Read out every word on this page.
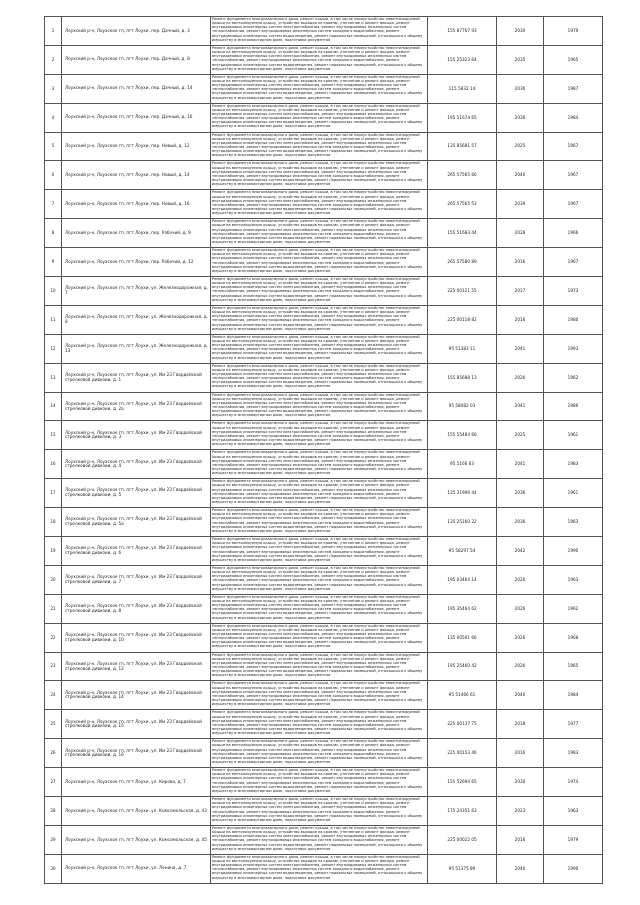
1	Лоухский р-н, Лоухское гп, пгт Лоухи, пер. Дачный, д. 3	Ремонт фундамента многоквартирного дома, ремонт крыши, в том числе переустройство невентилируемой крыши на вентилируемую крышу, устройство выходов на кровлю, утепление и ремонт фасада, ремонт внутридомовых инженерных систем электроснабжения, ремонт внутридомовых инженерных систем теплоснабжения, ремонт внутридомовых инженерных систем холодного водоснабжения, ремонт внутридомовых инженерных систем водоотведения, ремонт подвальных помещений, относящихся к общему имуществу в многоквартирном доме, подготовка документов	155 87767 93	2030	1979
2	Лоухский р-н, Лоухское гп, пгт Лоухи, пер. Дачный, д. 8	Ремонт фундамента многоквартирного дома, ремонт крыши, в том числе переустройство невентилируемой крыши на вентилируемую крышу, устройство выходов на кровлю, утепление и ремонт фасада, ремонт внутридомовых инженерных систем электроснабжения, ремонт внутридомовых инженерных систем теплоснабжения, ремонт внутридомовых инженерных систем холодного водоснабжения, ремонт внутридомовых инженерных систем водоотведения, ремонт подвальных помещений, относящихся к общему имуществу в многоквартирном доме, подготовка документов	155 25323 64	2035	1965
3	Лоухский р-н, Лоухское гп, пгт Лоухи, пер. Дачный, д. 14	Ремонт фундамента многоквартирного дома, ремонт крыши, в том числе переустройство невентилируемой крыши на вентилируемую крышу, устройство выходов на кровлю, утепление и ремонт фасада, ремонт внутридомовых инженерных систем электроснабжения, ремонт внутридомовых инженерных систем теплоснабжения, ремонт внутридомовых инженерных систем холодного водоснабжения, ремонт внутридомовых инженерных систем водоотведения, ремонт подвальных помещений, относящихся к общему имуществу в многоквартирном доме, подготовка документов	115 5832 14	2036	1987
4	Лоухский р-н, Лоухское гп, пгт Лоухи, пер. Дачный, д. 16	Ремонт фундамента многоквартирного дома, ремонт крыши, в том числе переустройство невентилируемой крыши на вентилируемую крышу, устройство выходов на кровлю, утепление и ремонт фасада, ремонт внутридомовых инженерных систем электроснабжения, ремонт внутридомовых инженерных систем теплоснабжения, ремонт внутридомовых инженерных систем холодного водоснабжения, ремонт внутридомовых инженерных систем водоотведения, ремонт подвальных помещений, относящихся к общему имуществу в многоквартирном доме, подготовка документов	195 51674 65	2036	1984
5	Лоухский р-н, Лоухское гп, пгт Лоухи, пер. Новый, д. 12	Ремонт фундамента многоквартирного дома, ремонт крыши, в том числе переустройство невентилируемой крыши на вентилируемую крышу, устройство выходов на кровлю, утепление и ремонт фасада, ремонт внутридомовых инженерных систем электроснабжения, ремонт внутридомовых инженерных систем теплоснабжения, ремонт внутридомовых инженерных систем холодного водоснабжения, ремонт внутридомовых инженерных систем водоотведения, ремонт подвальных помещений, относящихся к общему имуществу в многоквартирном доме, подготовка документов	135 85681 57	2025	1967
6	Лоухский р-н, Лоухское гп, пгт Лоухи, пер. Новый, д. 14	Ремонт фундамента многоквартирного дома, ремонт крыши, в том числе переустройство невентилируемой крыши на вентилируемую крышу, устройство выходов на кровлю, утепление и ремонт фасада, ремонт внутридомовых инженерных систем электроснабжения, ремонт внутридомовых инженерных систем теплоснабжения, ремонт внутридомовых инженерных систем холодного водоснабжения, ремонт внутридомовых инженерных систем водоотведения, ремонт подвальных помещений, относящихся к общему имуществу в многоквартирном доме, подготовка документов	265 57565 66	2040	1967
7	Лоухский р-н, Лоухское гп, пгт Лоухи, пер. Новый, д. 16	Ремонт фундамента многоквартирного дома, ремонт крыши, в том числе переустройство невентилируемой крыши на вентилируемую крышу, устройство выходов на кровлю, утепление и ремонт фасада, ремонт внутридомовых инженерных систем электроснабжения, ремонт внутридомовых инженерных систем теплоснабжения, ремонт внутридомовых инженерных систем холодного водоснабжения, ремонт внутридомовых инженерных систем водоотведения, ремонт подвальных помещений, относящихся к общему имуществу в многоквартирном доме, подготовка документов	265 57565 53	2039	1967
8	Лоухский р-н, Лоухское гп, пгт Лоухи, пер. Рабочий, д. 9	Ремонт фундамента многоквартирного дома, ремонт крыши, в том числе переустройство невентилируемой крыши на вентилируемую крышу, устройство выходов на кровлю, утепление и ремонт фасада, ремонт внутридомовых инженерных систем электроснабжения, ремонт внутридомовых инженерных систем теплоснабжения, ремонт внутридомовых инженерных систем холодного водоснабжения, ремонт внутридомовых инженерных систем водоотведения, ремонт подвальных помещений, относящихся к общему имуществу в многоквартирном доме, подготовка документов	155 51683 44	2028	1966
9	Лоухский р-н, Лоухское гп, пгт Лоухи, пер. Рабочий, д. 12	Ремонт фундамента многоквартирного дома, ремонт крыши, в том числе переустройство невентилируемой крыши на вентилируемую крышу, устройство выходов на кровлю, утепление и ремонт фасада, ремонт внутридомовых инженерных систем электроснабжения, ремонт внутридомовых инженерных систем теплоснабжения, ремонт внутридомовых инженерных систем холодного водоснабжения, ремонт внутридомовых инженерных систем водоотведения, ремонт подвальных помещений, относящихся к общему имуществу в многоквартирном доме, подготовка документов	265 57580 89	2016	1967
10	Лоухский р-н, Лоухское гп, пгт Лоухи, ул. Железнодорожная, д. 7	Ремонт фундамента многоквартирного дома, ремонт крыши, в том числе переустройство невентилируемой крыши на вентилируемую крышу, устройство выходов на кровлю, утепление и ремонт фасада, ремонт внутридомовых инженерных систем электроснабжения, ремонт внутридомовых инженерных систем теплоснабжения, ремонт внутридомовых инженерных систем холодного водоснабжения, ремонт внутридомовых инженерных систем водоотведения, ремонт подвальных помещений, относящихся к общему имуществу в многоквартирном доме, подготовка документов	225 00121 55	2017	1973
11	Лоухский р-н, Лоухское гп, пгт Лоухи, ул. Железнодорожная, д. 8	Ремонт фундамента многоквартирного дома, ремонт крыши, в том числе переустройство невентилируемой крыши на вентилируемую крышу, устройство выходов на кровлю, утепление и ремонт фасада, ремонт внутридомовых инженерных систем электроснабжения, ремонт внутридомовых инженерных систем теплоснабжения, ремонт внутридомовых инженерных систем холодного водоснабжения, ремонт внутридомовых инженерных систем водоотведения, ремонт подвальных помещений, относящихся к общему имуществу в многоквартирном доме, подготовка документов	225 00118 82	2016	1980
12	Лоухский р-н, Лоухское гп, пгт Лоухи, ул. Железнодорожная, д. 13	Ремонт фундамента многоквартирного дома, ремонт крыши, в том числе переустройство невентилируемой крыши на вентилируемую крышу, устройство выходов на кровлю, утепление и ремонт фасада, ремонт внутридомовых инженерных систем электроснабжения, ремонт внутридомовых инженерных систем теплоснабжения, ремонт внутридомовых инженерных систем холодного водоснабжения, ремонт внутридомовых инженерных систем водоотведения, ремонт подвальных помещений, относящихся к общему имуществу в многоквартирном доме, подготовка документов	95 51383 11	2041	1993
13	Лоухский р-н, Лоухское гп, пгт Лоухи, ул. Им 23 Гвардейской стрелковой дивизии, д. 1	Ремонт фундамента многоквартирного дома, ремонт крыши, в том числе переустройство невентилируемой крыши на вентилируемую крышу, устройство выходов на кровлю, утепление и ремонт фасада, ремонт внутридомовых инженерных систем электроснабжения, ремонт внутридомовых инженерных систем теплоснабжения, ремонт внутридомовых инженерных систем холодного водоснабжения, ремонт внутридомовых инженерных систем водоотведения, ремонт подвальных помещений, относящихся к общему имуществу в многоквартирном доме, подготовка документов	155 85688 13	2026	1962
14	Лоухский р-н, Лоухское гп, пгт Лоухи, ул. Им 23 Гвардейской стрелковой дивизии, д. 2а	Ремонт фундамента многоквартирного дома, ремонт крыши, в том числе переустройство невентилируемой крыши на вентилируемую крышу, устройство выходов на кровлю, утепление и ремонт фасада, ремонт внутридомовых инженерных систем электроснабжения, ремонт внутридомовых инженерных систем теплоснабжения, ремонт внутридомовых инженерных систем холодного водоснабжения, ремонт внутридомовых инженерных систем водоотведения, ремонт подвальных помещений, относящихся к общему имуществу в многоквартирном доме, подготовка документов	95 58482 03	2041	1986
15	Лоухский р-н, Лоухское гп, пгт Лоухи, ул. Им 23 Гвардейской стрелковой дивизии, д. 3	Ремонт фундамента многоквартирного дома, ремонт крыши, в том числе переустройство невентилируемой крыши на вентилируемую крышу, устройство выходов на кровлю, утепление и ремонт фасада, ремонт внутридомовых инженерных систем электроснабжения, ремонт внутридомовых инженерных систем теплоснабжения, ремонт внутридомовых инженерных систем холодного водоснабжения, ремонт внутридомовых инженерных систем водоотведения, ремонт подвальных помещений, относящихся к общему имуществу в многоквартирном доме, подготовка документов	155 55484 66	2025	1961
16	Лоухский р-н, Лоухское гп, пгт Лоухи, ул. Им 23 Гвардейской стрелковой дивизии, д. 4	Ремонт фундамента многоквартирного дома, ремонт крыши, в том числе переустройство невентилируемой крыши на вентилируемую крышу, устройство выходов на кровлю, утепление и ремонт фасада, ремонт внутридомовых инженерных систем электроснабжения, ремонт внутридомовых инженерных систем теплоснабжения, ремонт внутридомовых инженерных систем холодного водоснабжения, ремонт внутридомовых инженерных систем водоотведения, ремонт подвальных помещений, относящихся к общему имуществу в многоквартирном доме, подготовка документов	95 5166 63	2041	1983
17	Лоухский р-н, Лоухское гп, пгт Лоухи, ул. Им 23 Гвардейской стрелковой дивизии, д. 5	Ремонт фундамента многоквартирного дома, ремонт крыши, в том числе переустройство невентилируемой крыши на вентилируемую крышу, устройство выходов на кровлю, утепление и ремонт фасада, ремонт внутридомовых инженерных систем электроснабжения, ремонт внутридомовых инженерных систем теплоснабжения, ремонт внутридомовых инженерных систем холодного водоснабжения, ремонт внутридомовых инженерных систем водоотведения, ремонт подвальных помещений, относящихся к общему имуществу в многоквартирном доме, подготовка документов	135 31996 44	2036	1961
18	Лоухский р-н, Лоухское гп, пгт Лоухи, ул. Им 23 Гвардейской стрелковой дивизии, д. 5а	Ремонт фундамента многоквартирного дома, ремонт крыши, в том числе переустройство невентилируемой крыши на вентилируемую крышу, устройство выходов на кровлю, утепление и ремонт фасада, ремонт внутридомовых инженерных систем электроснабжения, ремонт внутридомовых инженерных систем теплоснабжения, ремонт внутридомовых инженерных систем холодного водоснабжения, ремонт внутридомовых инженерных систем водоотведения, ремонт подвальных помещений, относящихся к общему имуществу в многоквартирном доме, подготовка документов	135 25160 22	2036	1963
19	Лоухский р-н, Лоухское гп, пгт Лоухи, ул. Им 23 Гвардейской стрелковой дивизии, д. 6	Ремонт фундамента многоквартирного дома, ремонт крыши, в том числе переустройство невентилируемой крыши на вентилируемую крышу, устройство выходов на кровлю, утепление и ремонт фасада, ремонт внутридомовых инженерных систем электроснабжения, ремонт внутридомовых инженерных систем теплоснабжения, ремонт внутридомовых инженерных систем холодного водоснабжения, ремонт внутридомовых инженерных систем водоотведения, ремонт подвальных помещений, относящихся к общему имуществу в многоквартирном доме, подготовка документов	95 58297 54	2042	1990
20	Лоухский р-н, Лоухское гп, пгт Лоухи, ул. Им 23 Гвардейской стрелковой дивизии, д. 7	Ремонт фундамента многоквартирного дома, ремонт крыши, в том числе переустройство невентилируемой крыши на вентилируемую крышу, устройство выходов на кровлю, утепление и ремонт фасада, ремонт внутридомовых инженерных систем электроснабжения, ремонт внутридомовых инженерных систем теплоснабжения, ремонт внутридомовых инженерных систем холодного водоснабжения, ремонт внутридомовых инженерных систем водоотведения, ремонт подвальных помещений, относящихся к общему имуществу в многоквартирном доме, подготовка документов	195 03464 14	2026	1963
21	Лоухский р-н, Лоухское гп, пгт Лоухи, ул. Им 23 Гвардейской стрелковой дивизии, д. 8	Ремонт фундамента многоквартирного дома, ремонт крыши, в том числе переустройство невентилируемой крыши на вентилируемую крышу, устройство выходов на кровлю, утепление и ремонт фасада, ремонт внутридомовых инженерных систем электроснабжения, ремонт внутридомовых инженерных систем теплоснабжения, ремонт внутридомовых инженерных систем холодного водоснабжения, ремонт внутридомовых инженерных систем водоотведения, ремонт подвальных помещений, относящихся к общему имуществу в многоквартирном доме, подготовка документов	195 35464 62	2026	1962
22	Лоухский р-н, Лоухское гп, пгт Лоухи, ул. Им 23 Гвардейской стрелковой дивизии, д. 10	Ремонт фундамента многоквартирного дома, ремонт крыши, в том числе переустройство невентилируемой крыши на вентилируемую крышу, устройство выходов на кровлю, утепление и ремонт фасада, ремонт внутридомовых инженерных систем электроснабжения, ремонт внутридомовых инженерных систем теплоснабжения, ремонт внутридомовых инженерных систем холодного водоснабжения, ремонт внутридомовых инженерных систем водоотведения, ремонт подвальных помещений, относящихся к общему имуществу в многоквартирном доме, подготовка документов	135 00501 66	2026	1968
23	Лоухский р-н, Лоухское гп, пгт Лоухи, ул. Им 23 Гвардейской стрелковой дивизии, д. 12	Ремонт фундамента многоквартирного дома, ремонт крыши, в том числе переустройство невентилируемой крыши на вентилируемую крышу, устройство выходов на кровлю, утепление и ремонт фасада, ремонт внутридомовых инженерных систем электроснабжения, ремонт внутридомовых инженерных систем теплоснабжения, ремонт внутридомовых инженерных систем холодного водоснабжения, ремонт внутридомовых инженерных систем водоотведения, ремонт подвальных помещений, относящихся к общему имуществу в многоквартирном доме, подготовка документов	195 25460 42	2026	1965
24	Лоухский р-н, Лоухское гп, пгт Лоухи, ул. Им 23 Гвардейской стрелковой дивизии, д. 14	Ремонт фундамента многоквартирного дома, ремонт крыши, в том числе переустройство невентилируемой крыши на вентилируемую крышу, устройство выходов на кровлю, утепление и ремонт фасада, ремонт внутридомовых инженерных систем электроснабжения, ремонт внутридомовых инженерных систем теплоснабжения, ремонт внутридомовых инженерных систем холодного водоснабжения, ремонт внутридомовых инженерных систем водоотведения, ремонт подвальных помещений, относящихся к общему имуществу в многоквартирном доме, подготовка документов	95 51466 61	2040	1984
25	Лоухский р-н, Лоухское гп, пгт Лоухи, ул. Им 23 Гвардейской стрелковой дивизии, д. 15	Ремонт фундамента многоквартирного дома, ремонт крыши, в том числе переустройство невентилируемой крыши на вентилируемую крышу, устройство выходов на кровлю, утепление и ремонт фасада, ремонт внутридомовых инженерных систем электроснабжения, ремонт внутридомовых инженерных систем теплоснабжения, ремонт внутридомовых инженерных систем холодного водоснабжения, ремонт внутридомовых инженерных систем водоотведения, ремонт подвальных помещений, относящихся к общему имуществу в многоквартирном доме, подготовка документов	225 00137 75	2018	1977
26	Лоухский р-н, Лоухское гп, пгт Лоухи, ул. Им 23 Гвардейской стрелковой дивизии, д. 16	Ремонт фундамента многоквартирного дома, ремонт крыши, в том числе переустройство невентилируемой крыши на вентилируемую крышу, устройство выходов на кровлю, утепление и ремонт фасада, ремонт внутридомовых инженерных систем электроснабжения, ремонт внутридомовых инженерных систем теплоснабжения, ремонт внутридомовых инженерных систем холодного водоснабжения, ремонт внутридомовых инженерных систем водоотведения, ремонт подвальных помещений, относящихся к общему имуществу в многоквартирном доме, подготовка документов	225 00153 46	2016	1983
27	Лоухский р-н, Лоухское гп, пгт Лоухи, ул. Кирова, д. 7	Ремонт фундамента многоквартирного дома, ремонт крыши, в том числе переустройство невентилируемой крыши на вентилируемую крышу, устройство выходов на кровлю, утепление и ремонт фасада, ремонт внутридомовых инженерных систем электроснабжения, ремонт внутридомовых инженерных систем теплоснабжения, ремонт внутридомовых инженерных систем холодного водоснабжения, ремонт внутридомовых инженерных систем водоотведения, ремонт подвальных помещений, относящихся к общему имуществу в многоквартирном доме, подготовка документов	155 52694 65	2030	1974
28	Лоухский р-н, Лоухское гп, пгт Лоухи, ул. Комсомольская, д. 43	Ремонт фундамента многоквартирного дома, ремонт крыши, в том числе переустройство невентилируемой крыши на вентилируемую крышу, устройство выходов на кровлю, утепление и ремонт фасада, ремонт внутридомовых инженерных систем электроснабжения, ремонт внутридомовых инженерных систем теплоснабжения, ремонт внутридомовых инженерных систем холодного водоснабжения, ремонт внутридомовых инженерных систем водоотведения, ремонт подвальных помещений, относящихся к общему имуществу в многоквартирном доме, подготовка документов	175 24351 63	2023	1963
29	Лоухский р-н, Лоухское гп, пгт Лоухи, ул. Комсомольская, д. 45	Ремонт фундамента многоквартирного дома, ремонт крыши, в том числе переустройство невентилируемой крыши на вентилируемую крышу, устройство выходов на кровлю, утепление и ремонт фасада, ремонт внутридомовых инженерных систем электроснабжения, ремонт внутридомовых инженерных систем теплоснабжения, ремонт внутридомовых инженерных систем холодного водоснабжения, ремонт внутридомовых инженерных систем водоотведения, ремонт подвальных помещений, относящихся к общему имуществу в многоквартирном доме, подготовка документов	225 00022 05	2016	1979
30	Лоухский р-н, Лоухское гп, пгт Лоухи, ул. Ленина, д. 7	Ремонт фундамента многоквартирного дома, ремонт крыши, в том числе переустройство невентилируемой крыши на вентилируемую крышу, устройство выходов на кровлю, утепление и ремонт фасада, ремонт внутридомовых инженерных систем электроснабжения, ремонт внутридомовых инженерных систем теплоснабжения, ремонт внутридомовых инженерных систем холодного водоснабжения, ремонт внутридомовых инженерных систем водоотведения, ремонт подвальных помещений, относящихся к общему имуществу в многоквартирном доме, подготовка документов	95 51375 89	2040	1990
